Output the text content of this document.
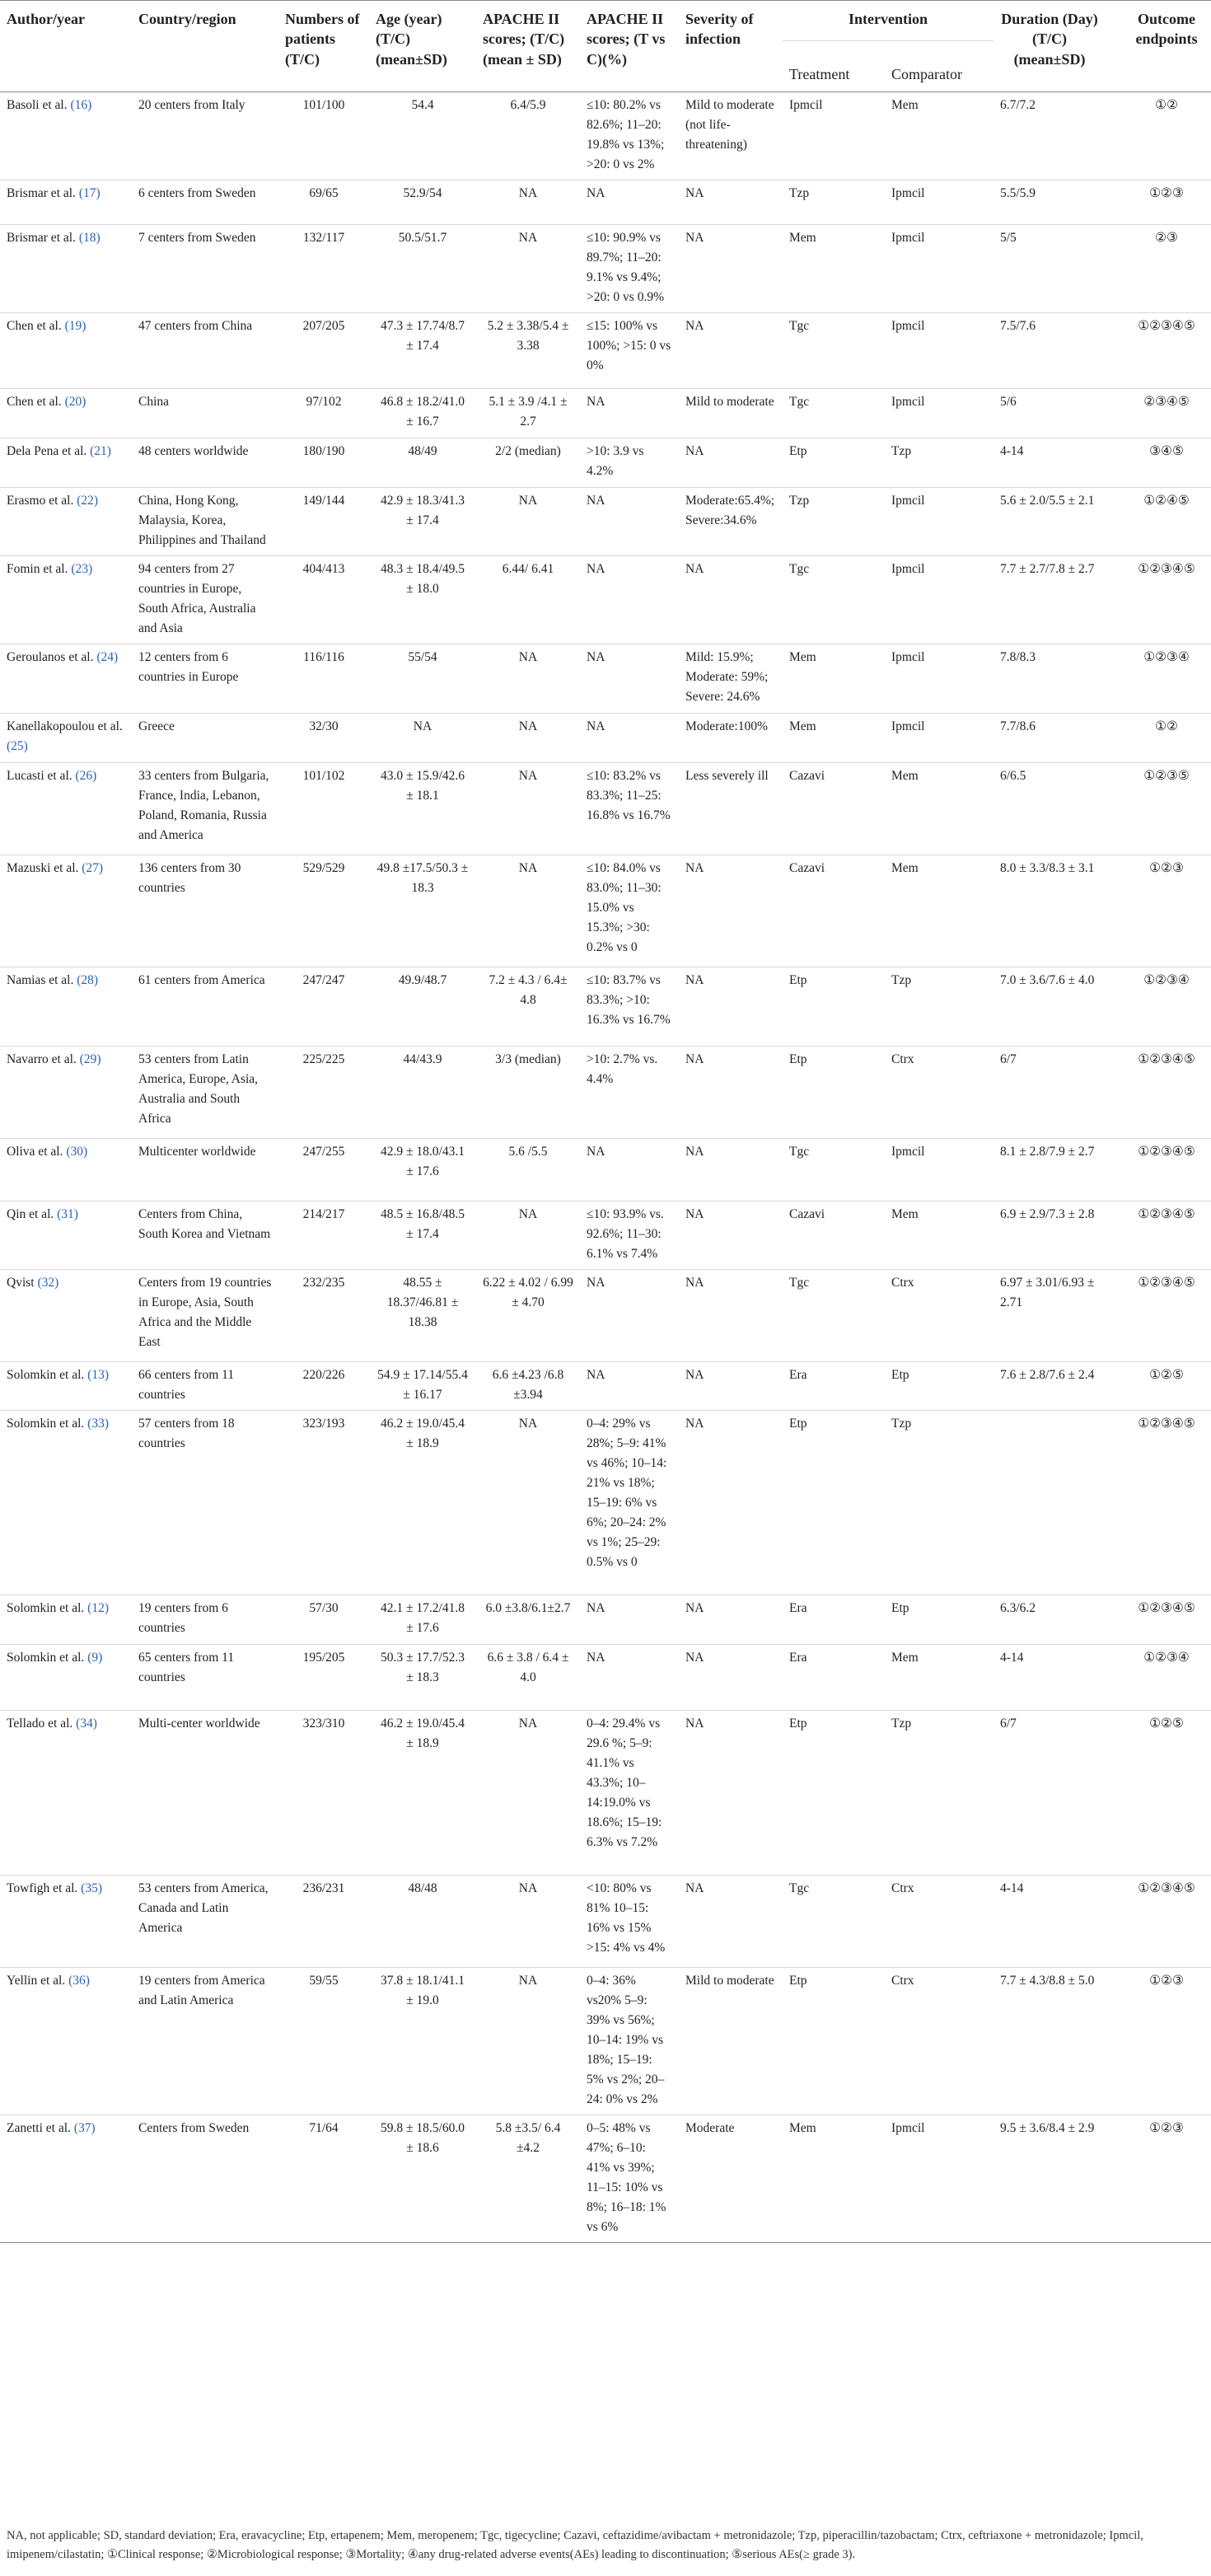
Author/year	Country/region	Numbers of patients (T/C)	Age (year) (T/C) (mean±SD)	APACHE II scores; (T/C) (mean ± SD)	APACHE II scores; (T vs C)(%)	Severity of infection	Intervention		Duration (Day) (T/C) (mean±SD)	Outcome endpoints
							Treatment	Comparator		
Basoli et al. (16)	20 centers from Italy	101/100	54.4	6.4/5.9	≤10: 80.2% vs 82.6%; 11–20: 19.8% vs 13%; >20: 0 vs 2%	Mild to moderate (not life-threatening)	Ipmcil	Mem	6.7/7.2	①②
Brismar et al. (17)	6 centers from Sweden	69/65	52.9/54	NA	NA	NA	Tzp	Ipmcil	5.5/5.9	①②③
Brismar et al. (18)	7 centers from Sweden	132/117	50.5/51.7	NA	≤10: 90.9% vs 89.7%; 11–20: 9.1% vs 9.4%; >20: 0 vs 0.9%	NA	Mem	Ipmcil	5/5	②③
Chen et al. (19)	47 centers from China	207/205	47.3 ± 17.74/8.7 ± 17.4	5.2 ± 3.38/5.4 ± 3.38	≤15: 100% vs 100%; >15: 0 vs 0%	NA	Tgc	Ipmcil	7.5/7.6	①②③④⑤
Chen et al. (20)	China	97/102	46.8 ± 18.2/41.0 ± 16.7	5.1 ± 3.9 /4.1 ± 2.7	NA	Mild to moderate	Tgc	Ipmcil	5/6	②③④⑤
Dela Pena et al. (21)	48 centers worldwide	180/190	48/49	2/2 (median)	>10: 3.9 vs 4.2%	NA	Etp	Tzp	4-14	③④⑤
Erasmo et al. (22)	China, Hong Kong, Malaysia, Korea, Philippines and Thailand	149/144	42.9 ± 18.3/41.3 ± 17.4	NA	NA	Moderate:65.4%; Severe:34.6%	Tzp	Ipmcil	5.6 ± 2.0/5.5 ± 2.1	①②④⑤
Fomin et al. (23)	94 centers from 27 countries in Europe, South Africa, Australia and Asia	404/413	48.3 ± 18.4/49.5 ± 18.0	6.44/ 6.41	NA	NA	Tgc	Ipmcil	7.7 ± 2.7/7.8 ± 2.7	①②③④⑤
Geroulanos et al. (24)	12 centers from 6 countries in Europe	116/116	55/54	NA	NA	Mild: 15.9%; Moderate: 59%; Severe: 24.6%	Mem	Ipmcil	7.8/8.3	①②③④
Kanellakopoulou et al. (25)	Greece	32/30	NA	NA	NA	Moderate:100%	Mem	Ipmcil	7.7/8.6	①②
Lucasti et al. (26)	33 centers from Bulgaria, France, India, Lebanon, Poland, Romania, Russia and America	101/102	43.0 ± 15.9/42.6 ± 18.1	NA	≤10: 83.2% vs 83.3%; 11–25: 16.8% vs 16.7%	Less severely ill	Cazavi	Mem	6/6.5	①②③⑤
Mazuski et al. (27)	136 centers from 30 countries	529/529	49.8 ±17.5/50.3 ± 18.3	NA	≤10: 84.0% vs 83.0%; 11–30: 15.0% vs 15.3%; >30: 0.2% vs 0	NA	Cazavi	Mem	8.0 ± 3.3/8.3 ± 3.1	①②③
Namias et al. (28)	61 centers from America	247/247	49.9/48.7	7.2 ± 4.3 / 6.4± 4.8	≤10: 83.7% vs 83.3%; >10: 16.3% vs 16.7%	NA	Etp	Tzp	7.0 ± 3.6/7.6 ± 4.0	①②③④
Navarro et al. (29)	53 centers from Latin America, Europe, Asia, Australia and South Africa	225/225	44/43.9	3/3 (median)	>10: 2.7% vs. 4.4%	NA	Etp	Ctrx	6/7	①②③④⑤
Oliva et al. (30)	Multicenter worldwide	247/255	42.9 ± 18.0/43.1 ± 17.6	5.6 /5.5	NA	NA	Tgc	Ipmcil	8.1 ± 2.8/7.9 ± 2.7	①②③④⑤
Qin et al. (31)	Centers from China, South Korea and Vietnam	214/217	48.5 ± 16.8/48.5 ± 17.4	NA	≤10: 93.9% vs. 92.6%; 11–30: 6.1% vs 7.4%	NA	Cazavi	Mem	6.9 ± 2.9/7.3 ± 2.8	①②③④⑤
Qvist (32)	Centers from 19 countries in Europe, Asia, South Africa and the Middle East	232/235	48.55 ± 18.37/46.81 ± 18.38	6.22 ± 4.02 / 6.99 ± 4.70	NA	NA	Tgc	Ctrx	6.97 ± 3.01/6.93 ± 2.71	①②③④⑤
Solomkin et al. (13)	66 centers from 11 countries	220/226	54.9 ± 17.14/55.4 ± 16.17	6.6 ±4.23 /6.8 ±3.94	NA	NA	Era	Etp	7.6 ± 2.8/7.6 ± 2.4	①②⑤
Solomkin et al. (33)	57 centers from 18 countries	323/193	46.2 ± 19.0/45.4 ± 18.9	NA	0–4: 29% vs 28%; 5–9: 41% vs 46%; 10–14: 21% vs 18%; 15–19: 6% vs 6%; 20–24: 2% vs 1%; 25–29: 0.5% vs 0	NA	Etp	Tzp		①②③④⑤
Solomkin et al. (12)	19 centers from 6 countries	57/30	42.1 ± 17.2/41.8 ± 17.6	6.0 ±3.8/6.1±2.7	NA	NA	Era	Etp	6.3/6.2	①②③④⑤
Solomkin et al. (9)	65 centers from 11 countries	195/205	50.3 ± 17.7/52.3 ± 18.3	6.6 ± 3.8 / 6.4 ± 4.0	NA	NA	Era	Mem	4-14	①②③④
Tellado et al. (34)	Multi-center worldwide	323/310	46.2 ± 19.0/45.4 ± 18.9	NA	0–4: 29.4% vs 29.6 %; 5–9: 41.1% vs 43.3%; 10–14:19.0% vs 18.6%; 15–19: 6.3% vs 7.2%	NA	Etp	Tzp	6/7	①②⑤
Towfigh et al. (35)	53 centers from America, Canada and Latin America	236/231	48/48	NA	<10: 80% vs 81% 10–15: 16% vs 15% >15: 4% vs 4%	NA	Tgc	Ctrx	4-14	①②③④⑤
Yellin et al. (36)	19 centers from America and Latin America	59/55	37.8 ± 18.1/41.1 ± 19.0	NA	0–4: 36% vs20% 5–9: 39% vs 56%; 10–14: 19% vs 18%; 15–19: 5% vs 2%; 20–24: 0% vs 2%	Mild to moderate	Etp	Ctrx	7.7 ± 4.3/8.8 ± 5.0	①②③
Zanetti et al. (37)	Centers from Sweden	71/64	59.8 ± 18.5/60.0 ± 18.6	5.8 ±3.5/ 6.4 ±4.2	0–5: 48% vs 47%; 6–10: 41% vs 39%; 11–15: 10% vs 8%; 16–18: 1% vs 6%	Moderate	Mem	Ipmcil	9.5 ± 3.6/8.4 ± 2.9	①②③
NA, not applicable; SD, standard deviation; Era, eravacycline; Etp, ertapenem; Mem, meropenem; Tgc, tigecycline; Cazavi, ceftazidime/avibactam + metronidazole; Tzp, piperacillin/tazobactam; Ctrx, ceftriaxone + metronidazole; Ipmcil, imipenem/cilastatin; ①Clinical response; ②Microbiological response; ③Mortality; ④any drug-related adverse events(AEs) leading to discontinuation; ⑤serious AEs(≥ grade 3).
